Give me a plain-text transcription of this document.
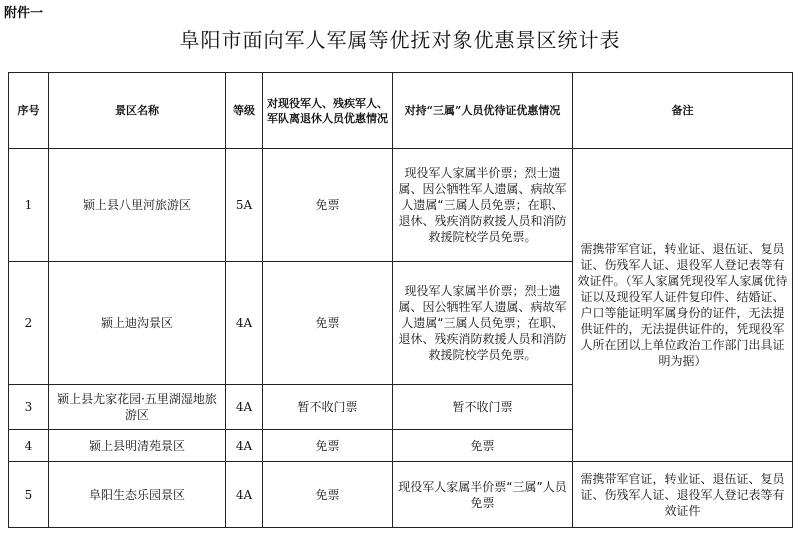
附件一
阜阳市面向军人军属等优抚对象优惠景区统计表
序号	景区名称	等级	对现役军人、残疾军人、军队离退休人员优惠情况	对持“三属”人员优待证优惠情况	备注
1	颍上县八里河旅游区	5A	免票	现役军人家属半价票；烈士遗属、因公牺牲军人遗属、病故军人遗属“三属人员免票；在职、退休、残疾消防救援人员和消防救援院校学员免票。	需携带军官证，转业证、退伍证、复员证、伤残军人证、退役军人登记表等有效证件。（军人家属凭现役军人家属优待证以及现役军人证件复印件、结婚证、户口等能证明军属身份的证件，无法提供证件的，无法提供证件的，凭现役军人所在团以上单位政治工作部门出具证明为据）
2	颍上迪沟景区	4A	免票	现役军人家属半价票；烈士遗属、因公牺牲军人遗属、病故军人遗属“三属人员免票；在职、退休、残疾消防救援人员和消防救援院校学员免票。	
3	颍上县尤家花园·五里湖湿地旅游区	4A	暂不收门票	暂不收门票	
4	颍上县明清苑景区	4A	免票	免票	
5	阜阳生态乐园景区	4A	免票	现役军人家属半价票“三属”人员免票	需携带军官证，转业证、退伍证、复员证、伤残军人证、退役军人登记表等有效证件
